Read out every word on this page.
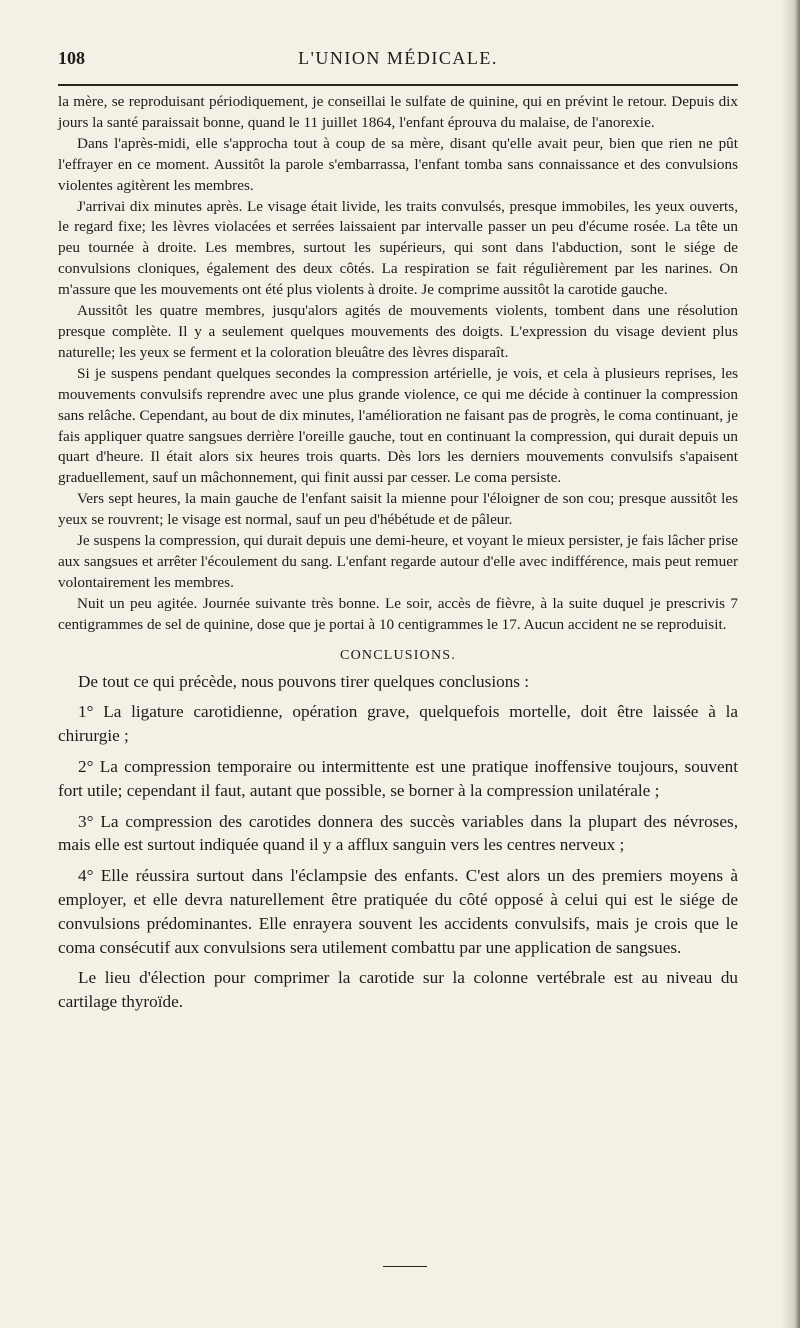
108	L'UNION MÉDICALE.

la mère, se reproduisant périodiquement, je conseillai le sulfate de quinine, qui en prévint le retour. Depuis dix jours la santé paraissait bonne, quand le 11 juillet 1864, l'enfant éprouva du malaise, de l'anorexie.

Dans l'après-midi, elle s'approcha tout à coup de sa mère, disant qu'elle avait peur, bien que rien ne pût l'effrayer en ce moment. Aussitôt la parole s'embarrassa, l'enfant tomba sans connaissance et des convulsions violentes agitèrent les membres.

J'arrivai dix minutes après. Le visage était livide, les traits convulsés, presque immobiles, les yeux ouverts, le regard fixe; les lèvres violacées et serrées laissaient par intervalle passer un peu d'écume rosée. La tête un peu tournée à droite. Les membres, surtout les supérieurs, qui sont dans l'abduction, sont le siége de convulsions cloniques, également des deux côtés. La respiration se fait régulièrement par les narines. On m'assure que les mouvements ont été plus violents à droite. Je comprime aussitôt la carotide gauche.

Aussitôt les quatre membres, jusqu'alors agités de mouvements violents, tombent dans une résolution presque complète. Il y a seulement quelques mouvements des doigts. L'expression du visage devient plus naturelle; les yeux se ferment et la coloration bleuâtre des lèvres disparaît.

Si je suspens pendant quelques secondes la compression artérielle, je vois, et cela à plusieurs reprises, les mouvements convulsifs reprendre avec une plus grande violence, ce qui me décide à continuer la compression sans relâche. Cependant, au bout de dix minutes, l'amélioration ne faisant pas de progrès, le coma continuant, je fais appliquer quatre sangsues derrière l'oreille gauche, tout en continuant la compression, qui durait depuis un quart d'heure. Il était alors six heures trois quarts. Dès lors les derniers mouvements convulsifs s'apaisent graduellement, sauf un mâchonnement, qui finit aussi par cesser. Le coma persiste.

Vers sept heures, la main gauche de l'enfant saisit la mienne pour l'éloigner de son cou; presque aussitôt les yeux se rouvrent; le visage est normal, sauf un peu d'hébétude et de pâleur.

Je suspens la compression, qui durait depuis une demi-heure, et voyant le mieux persister, je fais lâcher prise aux sangsues et arrêter l'écoulement du sang. L'enfant regarde autour d'elle avec indifférence, mais peut remuer volontairement les membres.

Nuit un peu agitée. Journée suivante très bonne. Le soir, accès de fièvre, à la suite duquel je prescrivis 7 centigrammes de sel de quinine, dose que je portai à 10 centigrammes le 17. Aucun accident ne se reproduisit.

CONCLUSIONS.

De tout ce qui précède, nous pouvons tirer quelques conclusions :

1° La ligature carotidienne, opération grave, quelquefois mortelle, doit être laissée à la chirurgie ;

2° La compression temporaire ou intermittente est une pratique inoffensive toujours, souvent fort utile; cependant il faut, autant que possible, se borner à la compression unilatérale ;

3° La compression des carotides donnera des succès variables dans la plupart des névroses, mais elle est surtout indiquée quand il y a afflux sanguin vers les centres nerveux ;

4° Elle réussira surtout dans l'éclampsie des enfants. C'est alors un des premiers moyens à employer, et elle devra naturellement être pratiquée du côté opposé à celui qui est le siége de convulsions prédominantes. Elle enrayera souvent les accidents convulsifs, mais je crois que le coma consécutif aux convulsions sera utilement combattu par une application de sangsues.

Le lieu d'élection pour comprimer la carotide sur la colonne vertébrale est au niveau du cartilage thyroïde.
